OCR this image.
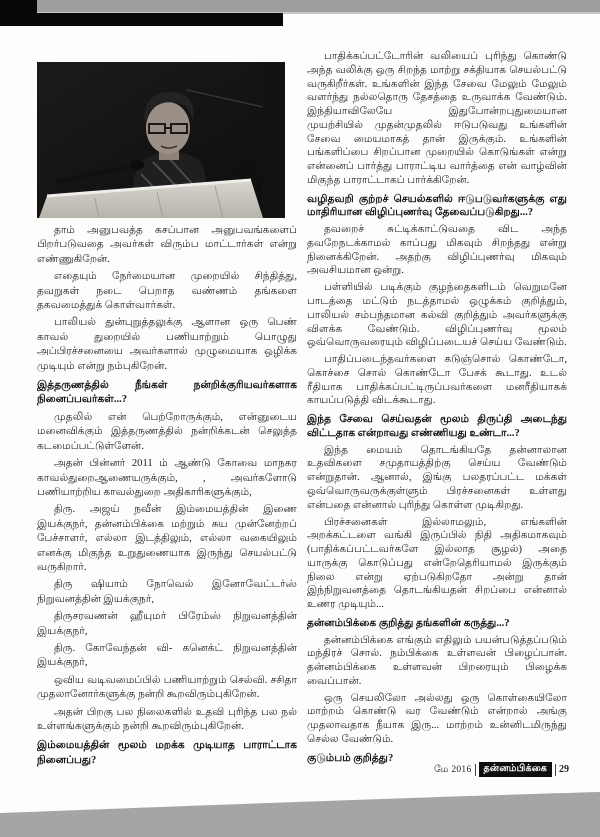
தாம் அனுபவத்த கசப்பான அனுபவங்களைப் பிறர்படுவதை அவர்கள் விரும்ப மாட்டார்கள் என்று எண்ணுகிறேன்.

எதையும் நேர்மையான முறையில் சிந்தித்து, தவறுகள் நடை பெறாத வண்ணம் தங்களை தகவமைத்துக் கொள்வார்கள்.

பாலியல் துன்புறுத்தலுக்கு ஆளான ஒரு பெண் காவல் துறையில் பணியாற்றும் பொழுது அப்பிரச்சனையை அவர்களால் முழுமையாக ஒழிக்க முடியும் என்று நம்புகிறேன்.

இத்தருணத்தில் நீங்கள் நன்றிக்குரியவர்களாக நினைப்பவர்கள்...?

முதலில் என் பெற்றோருக்கும், என்னுடைய மனைவிக்கும் இத்தருணத்தில் நன்றிக்கடன் செலுத்த கடமைப்பட்டுள்ளேன்.

அதன் பின்னர் 2011 ம் ஆண்டு கோவை மாநகர காவல்துறைஆணையருக்கும், , அவர்களோடு பணியாற்றிய காவல்துறை அதிகாரிகளுக்கும்,

திரு. அஜய் நவீன் இம்மையத்தின் இணை இயக்குநர், தன்னம்பிக்கை மற்றும் சுய முன்னேற்றப் பேச்சாளர், எல்லா இடத்திலும், எல்லா வகையிலும் எனக்கு மிகுந்த உறுதுணையாக இருந்து செயல்பட்டு வருகிறார்.

திரு ஷியாம் நோவெல் இனோவேட்டர்ஸ் நிறுவனத்தின் இயக்குநர்,

திருசரவணன் ஹீயுமர் பிரேம்ஸ் நிறுவனத்தின் இயக்குநர்,

திரு. கோவேந்தன் வி- கனெக்ட் நிறுவனத்தின் இயக்குநர்,

ஒவிய வடிவமைப்பில் பணியாற்றும் செல்வி. சசிதா முதலானோர்களுக்கு நன்றி கூறவிரும்புகிறேன்.

அதன் பிறகு பல நிலைகளில் உதவி புரிந்த பல நல் உள்ளங்களுக்கும் நன்றி கூறவிரும்புகிறேன்.

இம்மையத்தின் மூலம் மறக்க முடியாத பாராட்டாக நினைப்பது?

பாதிக்கப்பட்டோரின் வலியைப் புரிந்து கொண்டு அந்த வலிக்கு ஒரு சிறந்த மாற்று சக்தியாக செயல்பட்டு வருகிறீர்கள். உங்களின் இந்த சேவை மேலும் மேலும் வளர்ந்து நல்லதொரு தேசத்தை உருவாக்க வேண்டும். இந்தியாவிலேயே இதுபோன்றபுதுமையான முயற்சியில் முதன்முதலில் ஈடுபடுவது உங்களின் சேவை மையமாகத் தான் இருக்கும். உங்களின் பங்களிப்பை சிறப்பான முறையில் கொடுங்கள் என்று என்னைப் பார்த்து பாராட்டிய வார்த்தை என் வாழ்வின் மிகுந்த பாராட்டாகப் பார்க்கிறேன்.

வழிதவறி குற்றச் செயல்களில் ஈடுபடுவர்களுக்கு எது மாதிரியான விழிப்புணர்வு தேவைப்படுகிறது...?

தவறைச் சுட்டிக்காட்டுவதை விட அந்த தவறேநடக்காமல் காப்பது மிகவும் சிறந்தது என்று நினைக்கிறேன். அதற்கு விழிப்புணர்வு மிகவும் அவசியமான ஒன்று.

பள்ளியில் படிக்கும் குழந்தைகளிடம் வெறுமனே பாடத்தை மட்டும் நடத்தாமல் ஒழுக்கம் குறித்தும், பாலியல் சம்பந்தமான கல்வி குறித்தும் அவர்களுக்கு விளக்க வேண்டும். விழிப்புணர்வு மூலம் ஒவ்வொருவரையும் விழிப்படையச் செய்ய வேண்டும்.

பாதிப்படைந்தவர்களை கடுஞ்சொல் கொண்டோ, கொச்சை சொல் கொண்டோ பேசக் கூடாது. உடல் ரீதியாக பாதிக்கப்பட்டிருப்பவர்களை மனரீதியாகக் காயப்படுத்தி விடக்கூடாது.

இந்த சேவை செய்வதன் மூலம் திருப்தி அடைந்து விட்டதாக என்றாவது எண்ணியது உண்டா...?

இந்த மையம் தொடங்கியதே தன்னாலான உதவிகளை சமுதாயத்திற்கு செய்ய வேண்டும் என்றுதான். ஆனால், இங்கு பலதரப்பட்ட மக்கள் ஒவ்வொருவருக்குள்ளும் பிரச்சனைகள் உள்ளது என்பதை என்னால் புரிந்து கொள்ள முடிகிறது.

பிரச்சனைகள் இல்லாமலும், எங்களின் அறக்கட்டளை வங்கி இருப்பில் நிதி அதிகமாகவும் (பாதிக்கப்பட்டவர்களே இல்லாத சூழல்) அதை யாருக்கு கொடுப்பது என்றேதெரியாமல் இருக்கும் நிலை என்று ஏற்படுகிறதோ அன்று தான் இந்நிறுவனத்தை தொடங்கியதன் சிறப்பை என்னால் உணர முடியும்...

தன்னம்பிக்கை குறித்து தங்களின் கருத்து...?

தன்னம்பிக்கை எங்கும் எதிலும் பயன்படுத்தப்படும் மந்திரச் சொல். நம்பிக்கை உள்ளவன் பிழைப்பான். தன்னம்பிக்கை உள்ளவன் பிறரையும் பிழைக்க வைப்பான்.

ஒரு செயலிலோ அல்லது ஒரு கொள்கையிலோ மாற்றம் கொண்டு வர வேண்டும் என்றால் அங்கு முதலாவதாக நீயாக இரு... மாற்றம் உன்னிடமிருந்து செல்ல வேண்டும்.

குடும்பம் குறித்து?

மே 2016	தன்னம்பிக்கை	29
